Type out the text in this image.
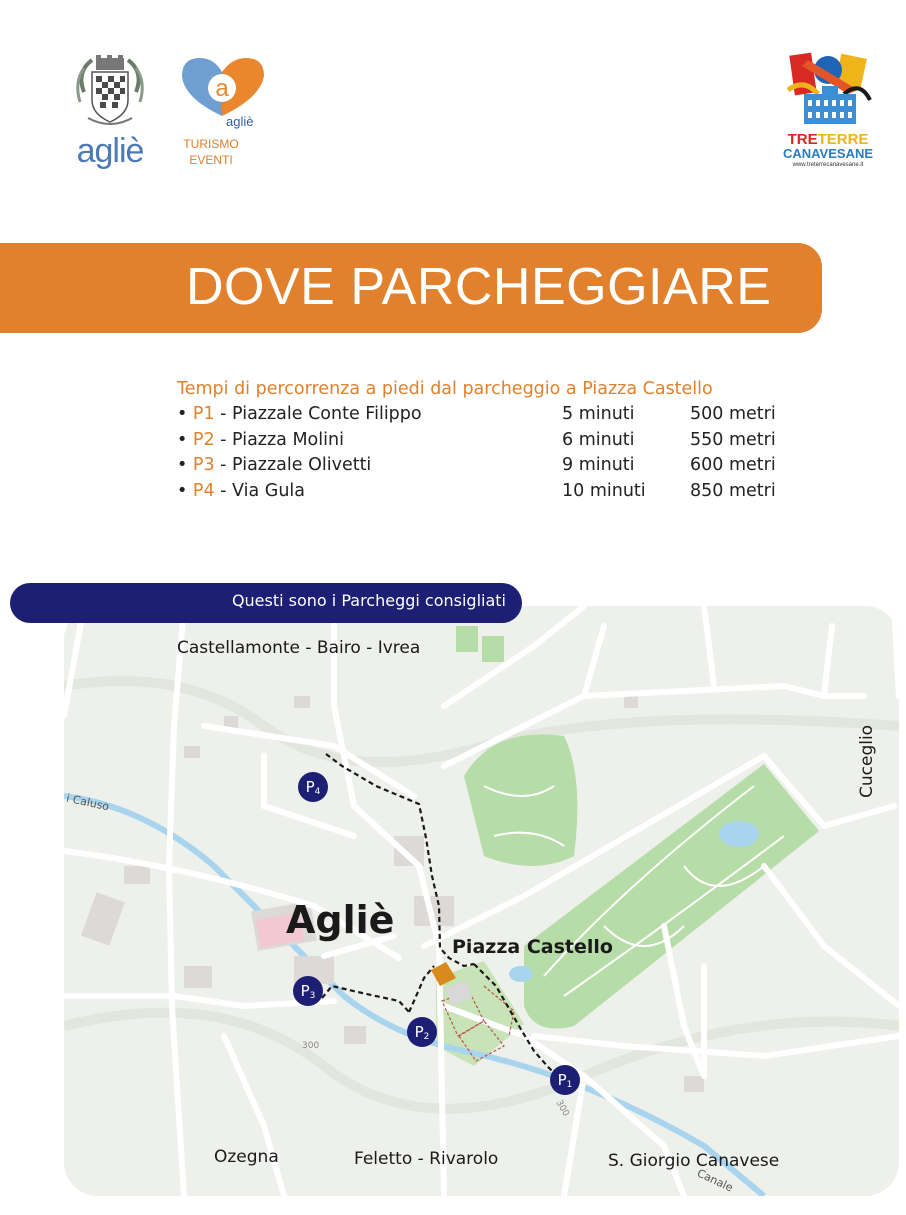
agliè
a
agliè
TURISMO
EVENTI
TRETERRE
CANAVESANE
www.treterrecanavesane.it
DOVE PARCHEGGIARE
Tempi di percorrenza a piedi dal parcheggio a Piazza Castello
• P1 - Piazzale Conte Filippo	5 minuti	500 metri
• P2 - Piazza Molini	6 minuti	550 metri
• P3 - Piazzale Olivetti	9 minuti	600 metri
• P4 - Via Gula	10 minuti	850 metri
Questi sono i Parcheggi consigliati
300
300
Castellamonte - Bairo - Ivrea
Cuceglio
Agliè
Piazza Castello
Ozegna	Feletto - Rivarolo	S. Giorgio Canavese
i Caluso
Canale
$P_1$
$P_2$
$P_3$
$P_4$
